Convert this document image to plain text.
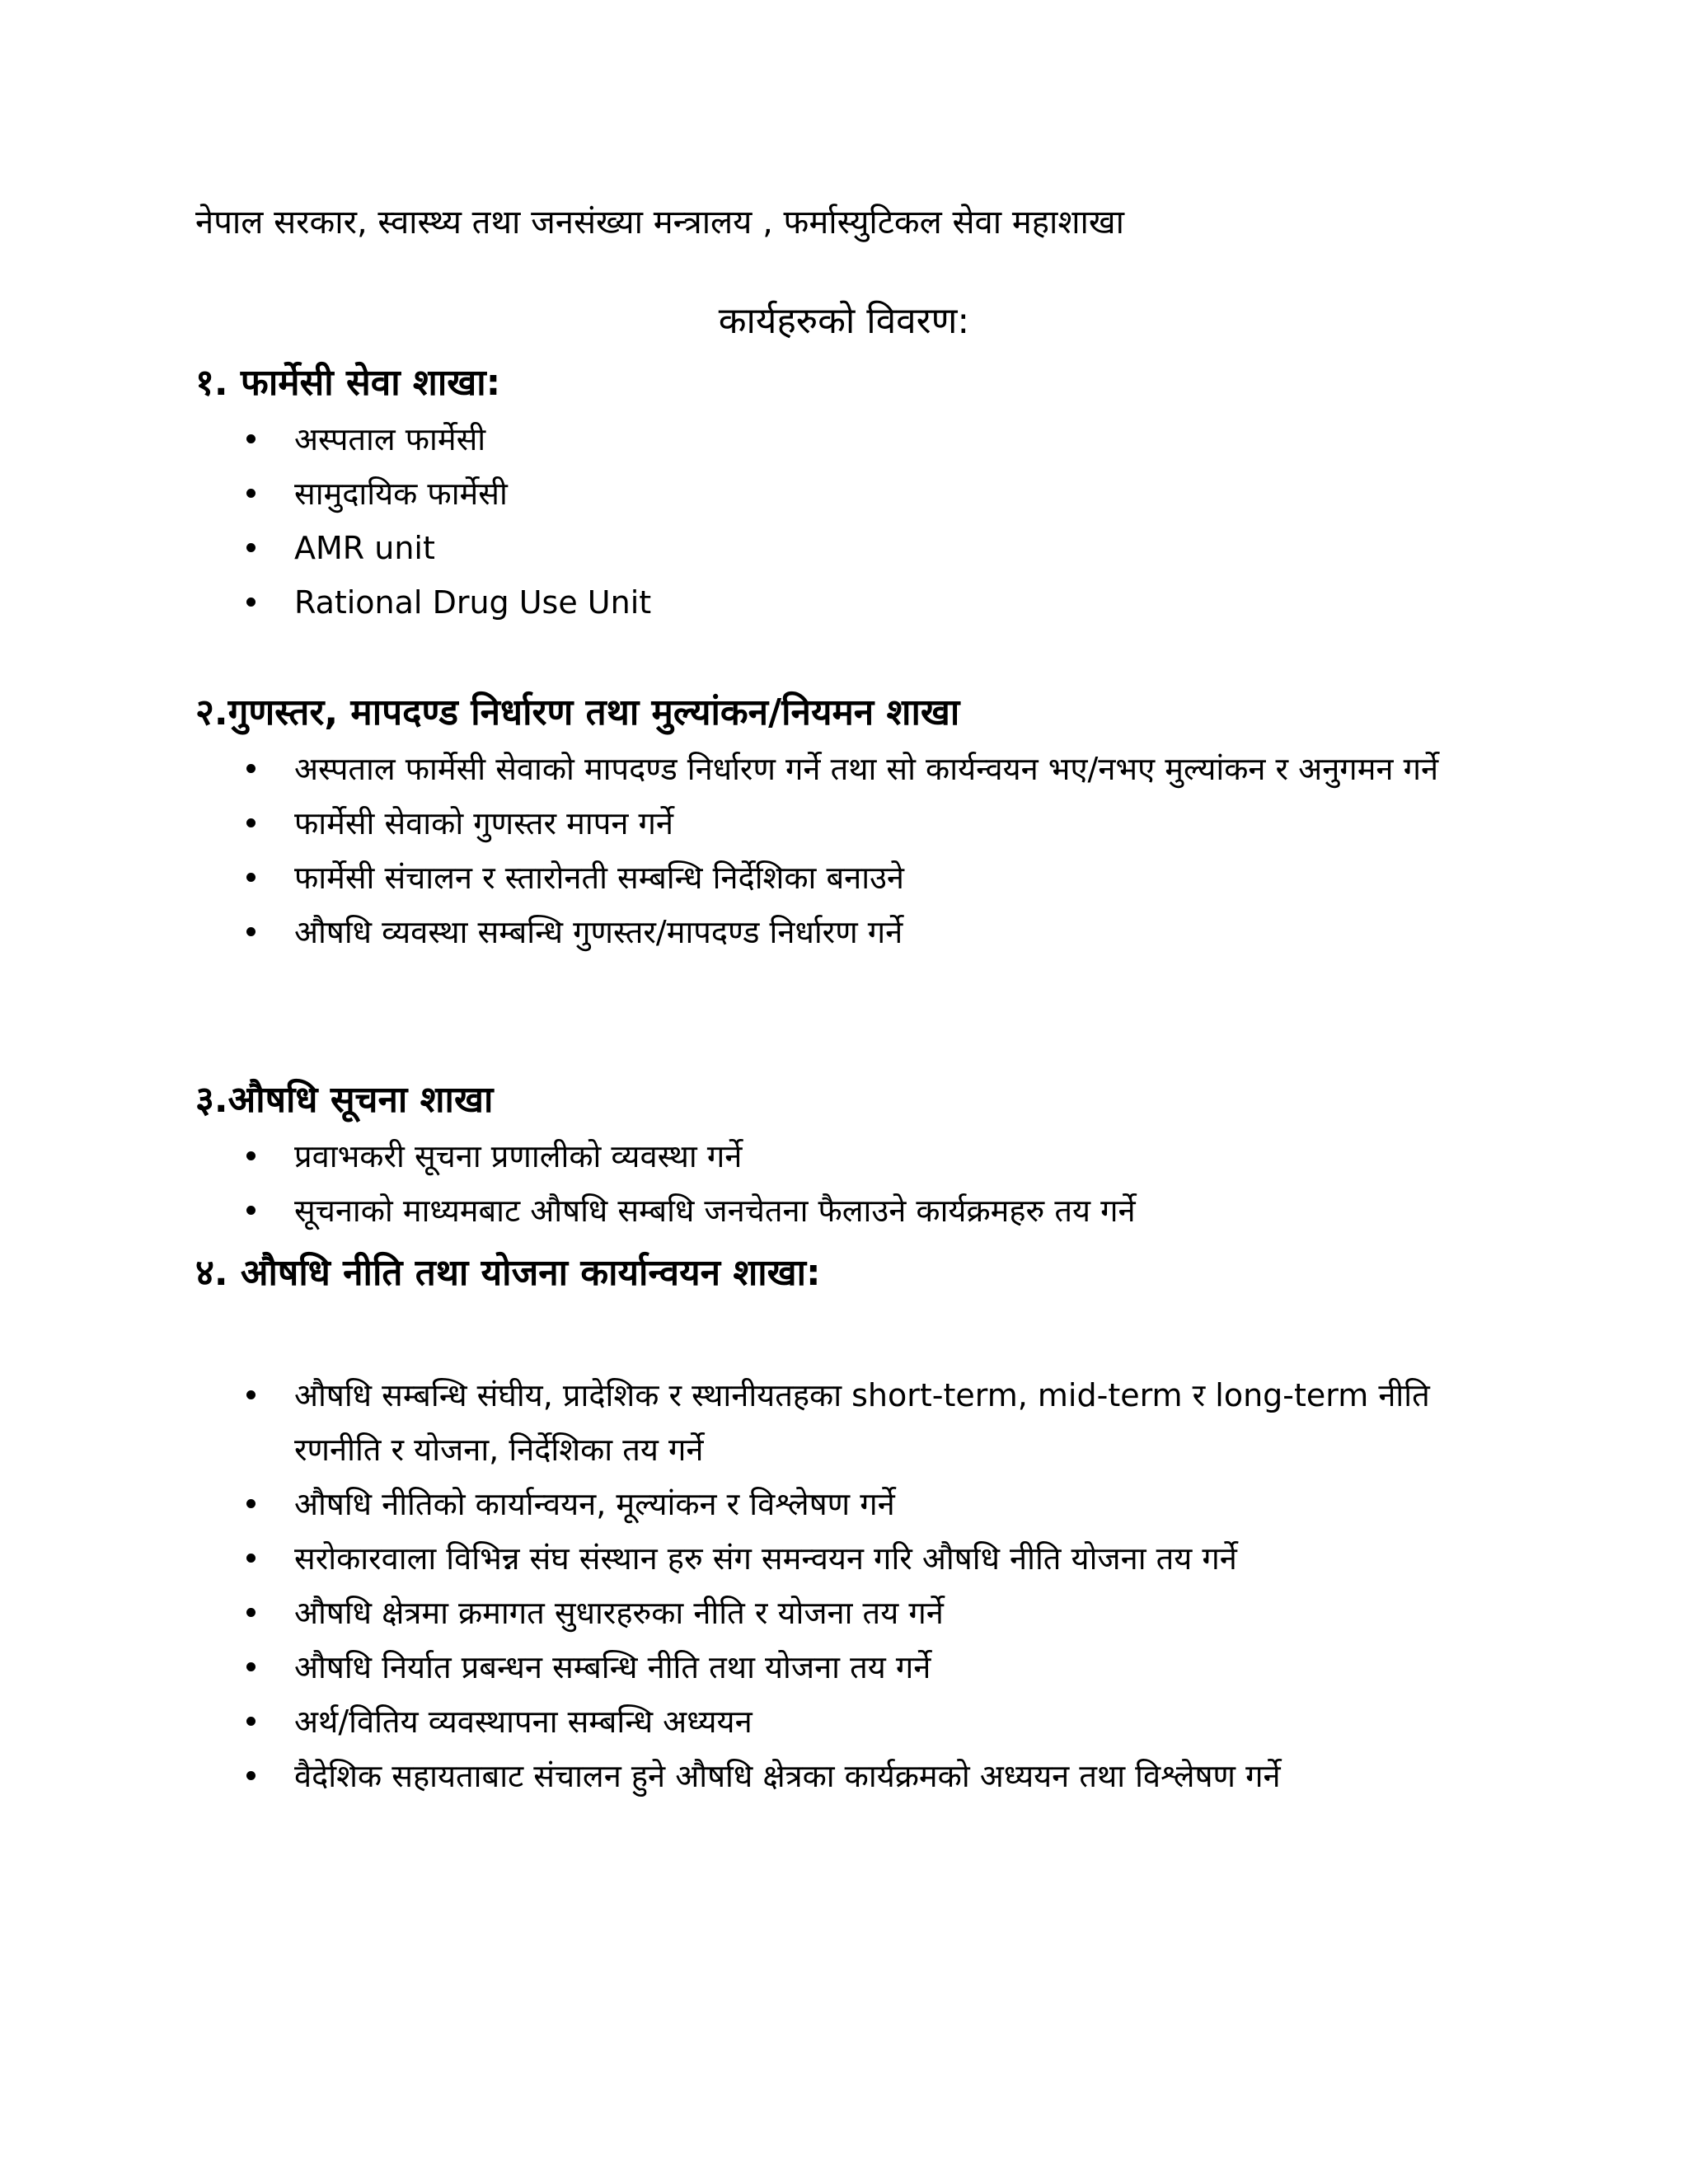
नेपाल सरकार, स्वास्थ्य तथा जनसंख्या मन्त्रालय , फर्मास्युटिकल सेवा महाशाखा
कार्यहरुको विवरण:
१. फार्मेसी सेवा शाखा:
अस्पताल फार्मेसी
सामुदायिक फार्मेसी
AMR unit
Rational Drug Use Unit
२.गुणस्तर, मापदण्ड निर्धारण तथा मुल्यांकन/नियमन शाखा
अस्पताल फार्मेसी सेवाको मापदण्ड निर्धारण गर्ने तथा सो कार्यन्वयन भए/नभए मुल्यांकन र अनुगमन गर्ने
फार्मेसी सेवाको गुणस्तर मापन गर्ने
फार्मेसी संचालन र स्तारोनती सम्बन्धि निर्देशिका बनाउने
औषधि व्यवस्था सम्बन्धि गुणस्तर/मापदण्ड निर्धारण गर्ने
३.औषधि सूचना शाखा
प्रवाभकरी सूचना प्रणालीको व्यवस्था गर्ने
सूचनाको माध्यमबाट औषधि सम्बधि जनचेतना फैलाउने कार्यक्रमहरु तय गर्ने
४. औषधि नीति तथा योजना कार्यान्वयन शाखा:
औषधि सम्बन्धि संघीय, प्रादेशिक र स्थानीयतहका short-term, mid-term र long-term नीति रणनीति र योजना, निर्देशिका तय गर्ने
औषधि नीतिको कार्यान्वयन, मूल्यांकन र विश्लेषण गर्ने
सरोकारवाला विभिन्न संघ संस्थान हरु संग समन्वयन गरि औषधि नीति योजना तय गर्ने
औषधि क्षेत्रमा क्रमागत सुधारहरुका नीति र योजना तय गर्ने
औषधि निर्यात प्रबन्धन सम्बन्धि नीति तथा योजना तय गर्ने
अर्थ/वितिय व्यवस्थापना सम्बन्धि अध्ययन
वैदेशिक सहायताबाट संचालन हुने औषधि क्षेत्रका कार्यक्रमको अध्ययन तथा विश्लेषण गर्ने
